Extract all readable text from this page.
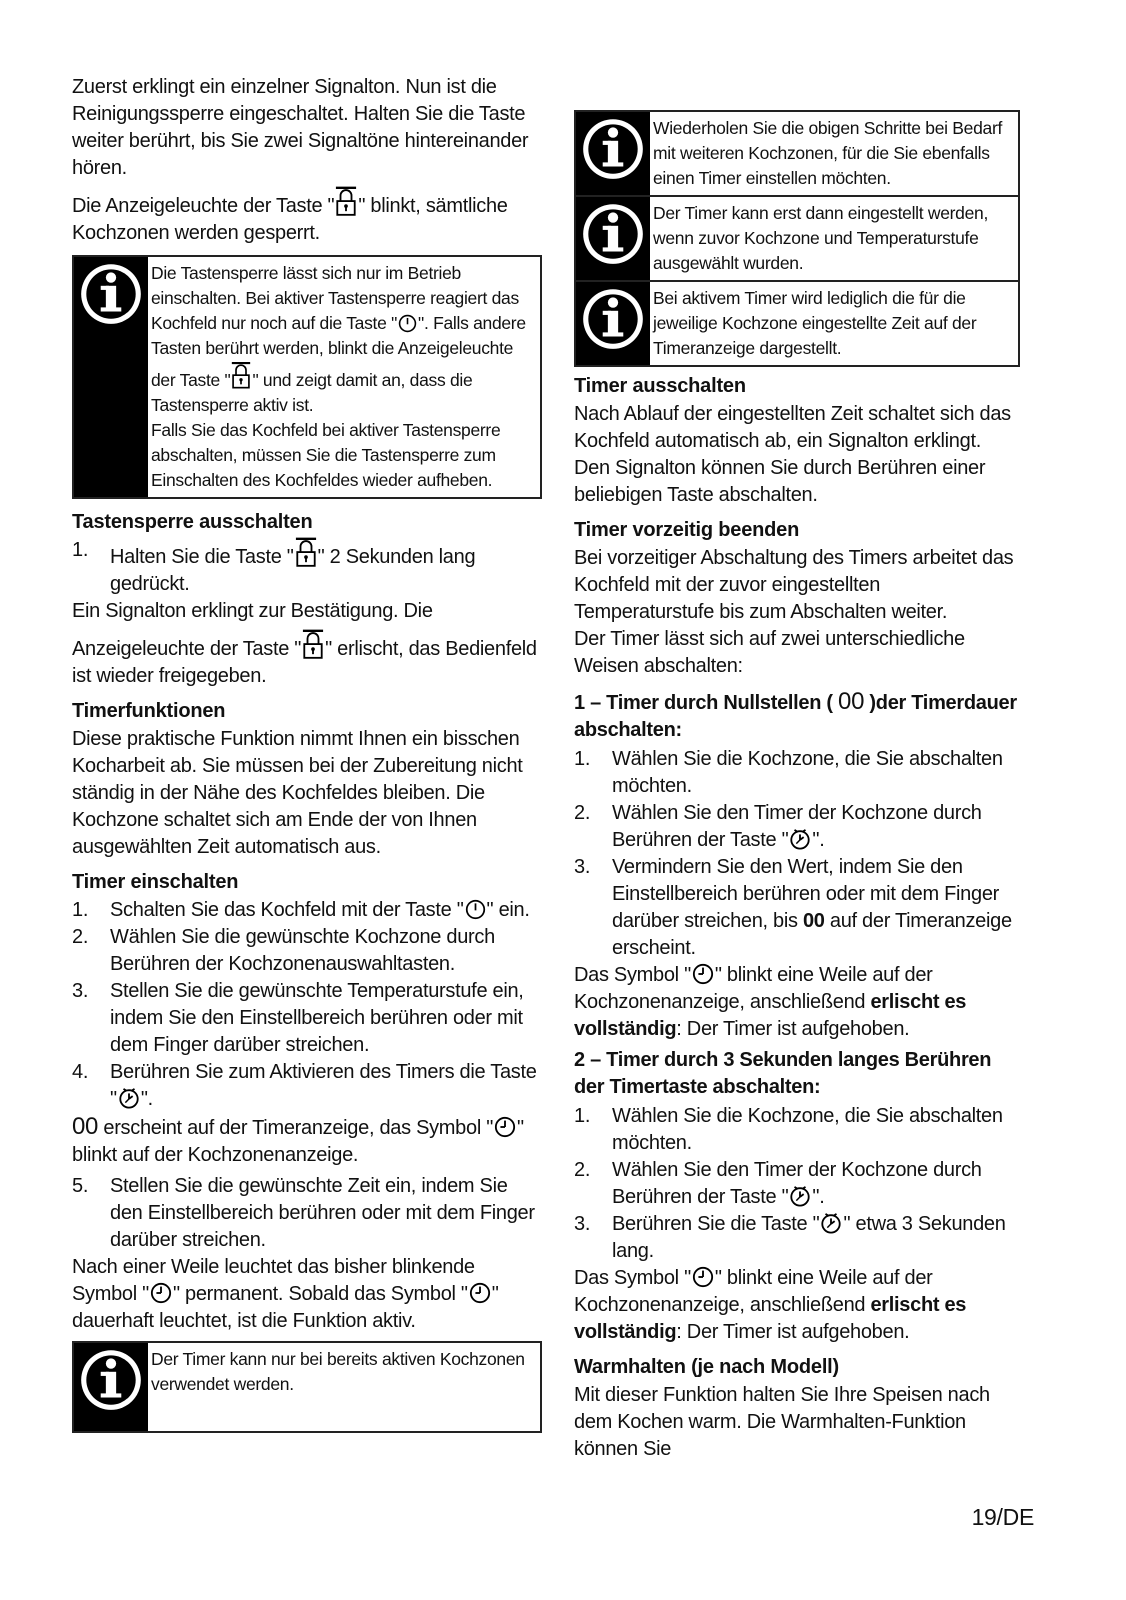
Zuerst erklingt ein einzelner Signalton. Nun ist die Reinigungssperre eingeschaltet. Halten Sie die Taste weiter berührt, bis Sie zwei Signaltöne hintereinander hören.

Die Anzeigeleuchte der Taste " " blinkt, sämtliche Kochzonen werden gesperrt.

Die Tastensperre lässt sich nur im Betrieb einschalten. Bei aktiver Tastensperre reagiert das Kochfeld nur noch auf die Taste " ". Falls andere Tasten berührt werden, blinkt die Anzeigeleuchte der Taste " " und zeigt damit an, dass die Tastensperre aktiv ist.
Falls Sie das Kochfeld bei aktiver Tastensperre abschalten, müssen Sie die Tastensperre zum Einschalten des Kochfeldes wieder aufheben.
Tastensperre ausschalten
1. Halten Sie die Taste " " 2 Sekunden lang gedrückt.

Ein Signalton erklingt zur Bestätigung. Die

Anzeigeleuchte der Taste " " erlischt, das Bedienfeld ist wieder freigegeben.

Timerfunktionen

Diese praktische Funktion nimmt Ihnen ein bisschen Kocharbeit ab. Sie müssen bei der Zubereitung nicht ständig in der Nähe des Kochfeldes bleiben. Die Kochzone schaltet sich am Ende der von Ihnen ausgewählten Zeit automatisch aus.

Timer einschalten
1. Schalten Sie das Kochfeld mit der Taste " " ein.
2. Wählen Sie die gewünschte Kochzone durch Berühren der Kochzonenauswahltasten.
3. Stellen Sie die gewünschte Temperaturstufe ein, indem Sie den Einstellbereich berühren oder mit dem Finger darüber streichen.
4. Berühren Sie zum Aktivieren des Timers die Taste " ".

00 erscheint auf der Timeranzeige, das Symbol " " blinkt auf der Kochzonenanzeige.

5. Stellen Sie die gewünschte Zeit ein, indem Sie den Einstellbereich berühren oder mit dem Finger darüber streichen.

Nach einer Weile leuchtet das bisher blinkende Symbol " " permanent. Sobald das Symbol " " dauerhaft leuchtet, ist die Funktion aktiv.

Der Timer kann nur bei bereits aktiven Kochzonen verwendet werden.
Wiederholen Sie die obigen Schritte bei Bedarf mit weiteren Kochzonen, für die Sie ebenfalls einen Timer einstellen möchten.
Der Timer kann erst dann eingestellt werden, wenn zuvor Kochzone und Temperaturstufe ausgewählt wurden.
Bei aktivem Timer wird lediglich die für die jeweilige Kochzone eingestellte Zeit auf der Timeranzeige dargestellt.
Timer ausschalten

Nach Ablauf der eingestellten Zeit schaltet sich das Kochfeld automatisch ab, ein Signalton erklingt. Den Signalton können Sie durch Berühren einer beliebigen Taste abschalten.

Timer vorzeitig beenden

Bei vorzeitiger Abschaltung des Timers arbeitet das Kochfeld mit der zuvor eingestellten Temperaturstufe bis zum Abschalten weiter.

Der Timer lässt sich auf zwei unterschiedliche Weisen abschalten:

1 – Timer durch Nullstellen ( 00 )der Timerdauer abschalten:
1. Wählen Sie die Kochzone, die Sie abschalten möchten.
2. Wählen Sie den Timer der Kochzone durch Berühren der Taste " ".
3. Vermindern Sie den Wert, indem Sie den Einstellbereich berühren oder mit dem Finger darüber streichen, bis 00 auf der Timeranzeige erscheint.

Das Symbol " " blinkt eine Weile auf der Kochzonenanzeige, anschließend erlischt es vollständig: Der Timer ist aufgehoben.

2 – Timer durch 3 Sekunden langes Berühren der Timertaste abschalten:
1. Wählen Sie die Kochzone, die Sie abschalten möchten.
2. Wählen Sie den Timer der Kochzone durch Berühren der Taste " ".
3. Berühren Sie die Taste " " etwa 3 Sekunden lang.

Das Symbol " " blinkt eine Weile auf der Kochzonenanzeige, anschließend erlischt es vollständig: Der Timer ist aufgehoben.

Warmhalten (je nach Modell)

Mit dieser Funktion halten Sie Ihre Speisen nach dem Kochen warm. Die Warmhalten-Funktion können Sie

19/DE
